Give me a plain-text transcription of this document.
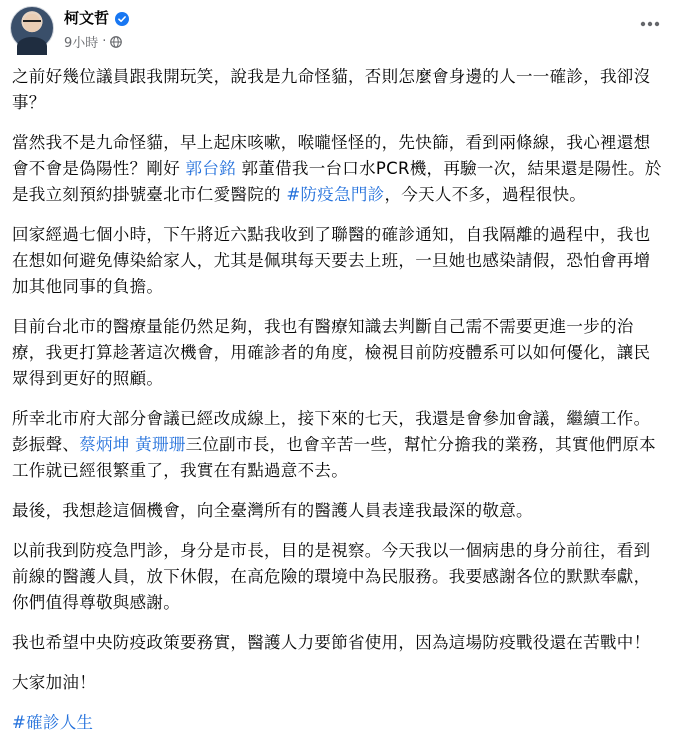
柯文哲
9小時 ·

之前好幾位議員跟我開玩笑，說我是九命怪貓，否則怎麼會身邊的人一一確診，我卻沒事？

當然我不是九命怪貓，早上起床咳嗽，喉嚨怪怪的，先快篩，看到兩條線，我心裡還想會不會是偽陽性？剛好 郭台銘 郭董借我一台口水PCR機，再驗一次，結果還是陽性。於是我立刻預約掛號臺北市仁愛醫院的 #防疫急門診，今天人不多，過程很快。

回家經過七個小時，下午將近六點我收到了聯醫的確診通知，自我隔離的過程中，我也在想如何避免傳染給家人，尤其是佩琪每天要去上班，一旦她也感染請假，恐怕會再增加其他同事的負擔。

目前台北市的醫療量能仍然足夠，我也有醫療知識去判斷自己需不需要更進一步的治療，我更打算趁著這次機會，用確診者的角度，檢視目前防疫體系可以如何優化，讓民眾得到更好的照顧。

所幸北市府大部分會議已經改成線上，接下來的七天，我還是會參加會議，繼續工作。彭振聲、蔡炳坤 黃珊珊三位副市長，也會辛苦一些，幫忙分擔我的業務，其實他們原本工作就已經很繁重了，我實在有點過意不去。

最後，我想趁這個機會，向全臺灣所有的醫護人員表達我最深的敬意。

以前我到防疫急門診，身分是市長，目的是視察。今天我以一個病患的身分前往，看到前線的醫護人員，放下休假，在高危險的環境中為民服務。我要感謝各位的默默奉獻，你們值得尊敬與感謝。

我也希望中央防疫政策要務實，醫護人力要節省使用，因為這場防疫戰役還在苦戰中！

大家加油！

#確診人生
